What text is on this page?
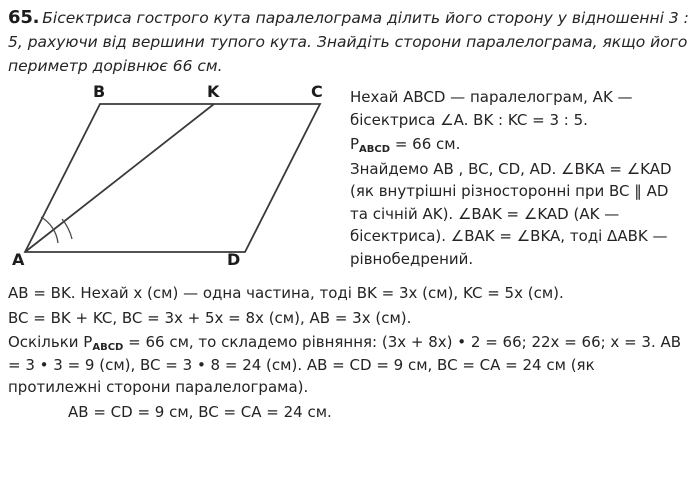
65. Бісектриса гострого кута паралелограма ділить його сторону у відношенні 3 : 5, рахуючи від вершини тупого кута. Знайдіть сторони паралелограма, якщо його периметр дорівнює 66 см.
B	K	C
A	D

Нехай ABCD — паралелограм, AK — бісектриса ∠A. BK : KC = 3 : 5.

$P_{ABCD} = 66$ см.

Знайдемо AB , BC, CD, AD. ∠BKA = ∠KAD (як внутрішні різносторонні при BC ‖ AD та січній AK). ∠BAK = ∠KAD (AK — бісектриса). ∠BAK = ∠BKA, тоді ΔABK — рівнобедрений.

AB = BK. Нехай x (см) — одна частина, тоді BK = 3x (см), KC = 5x (см).

BC = BK + KC, BC = 3x + 5x = 8x (см), AB = 3x (см).

Оскільки $P_{ABCD} = 66$ см, то складемо рівняння: (3x + 8x) • 2 = 66; 22x = 66; x = 3. AB = 3 • 3 = 9 (см), BC = 3 • 8 = 24 (см). AB = CD = 9 см, BC = CA = 24 см (як протилежні сторони паралелограма).

AB = CD = 9 см, BC = CA = 24 см.
